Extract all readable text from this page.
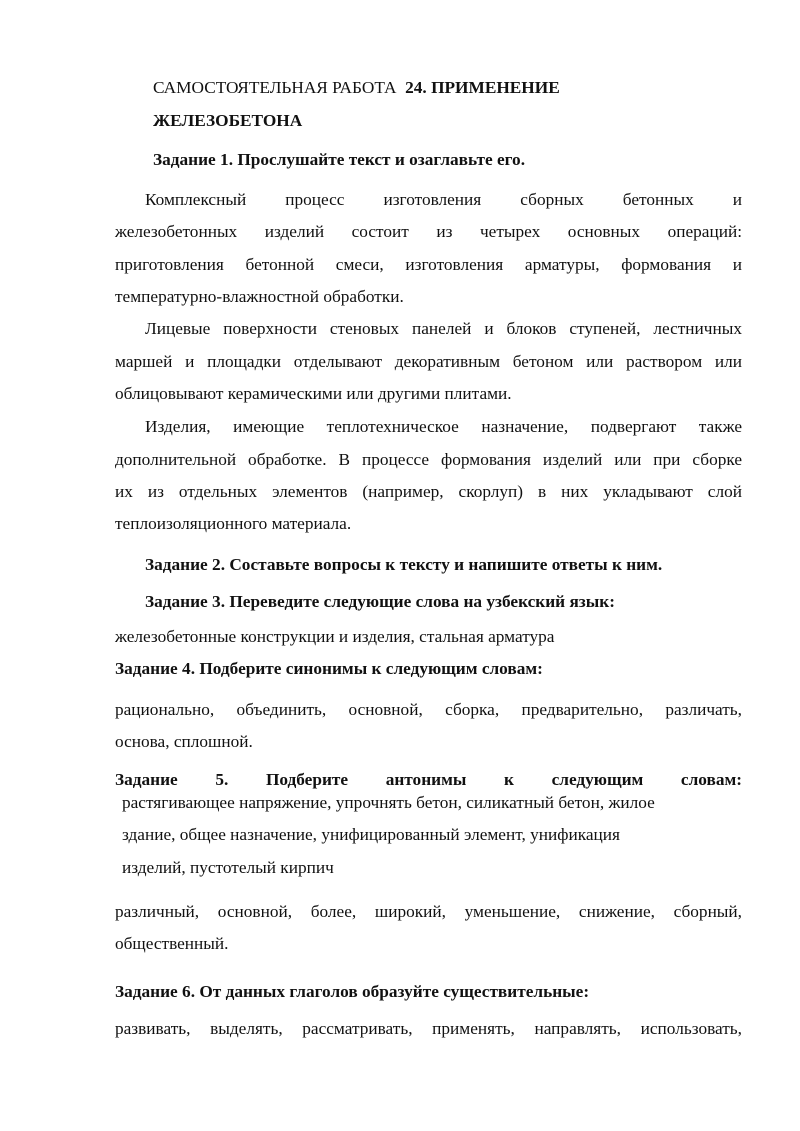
САМОСТОЯТЕЛЬНАЯ РАБОТА 24. ПРИМЕНЕНИЕ
ЖЕЛЕЗОБЕТОНА
Задание 1. Прослушайте текст и озаглавьте его.
Комплексный процесс изготовления сборных бетонных и
железобетонных изделий состоит из четырех основных операций:
приготовления бетонной смеси, изготовления арматуры, формования и
температурно-влажностной обработки.
Лицевые поверхности стеновых панелей и блоков ступеней, лестничных
маршей и площадки отделывают декоративным бетоном или раствором или
облицовывают керамическими или другими плитами.
Изделия, имеющие теплотехническое назначение, подвергают также
дополнительной обработке. В процессе формования изделий или при сборке
их из отдельных элементов (например, скорлуп) в них укладывают слой
теплоизоляционного материала.
Задание 2. Составьте вопросы к тексту и напишите ответы к ним.
Задание 3. Переведите следующие слова на узбекский язык:
железобетонные конструкции и изделия, стальная арматура
Задание 4. Подберите синонимы к следующим словам:
рационально, объединить, основной, сборка, предварительно, различать,
основа, сплошной.
Задание 5. Подберите антонимы к следующим словам:
растягивающее напряжение, упрочнять бетон, силикатный бетон, жилое
здание, общее назначение, унифицированный элемент, унификация
изделий, пустотелый кирпич
различный, основной, более, широкий, уменьшение, снижение, сборный,
общественный.
Задание 6. От данных глаголов образуйте существительные:
развивать, выделять, рассматривать, применять, направлять, использовать,
